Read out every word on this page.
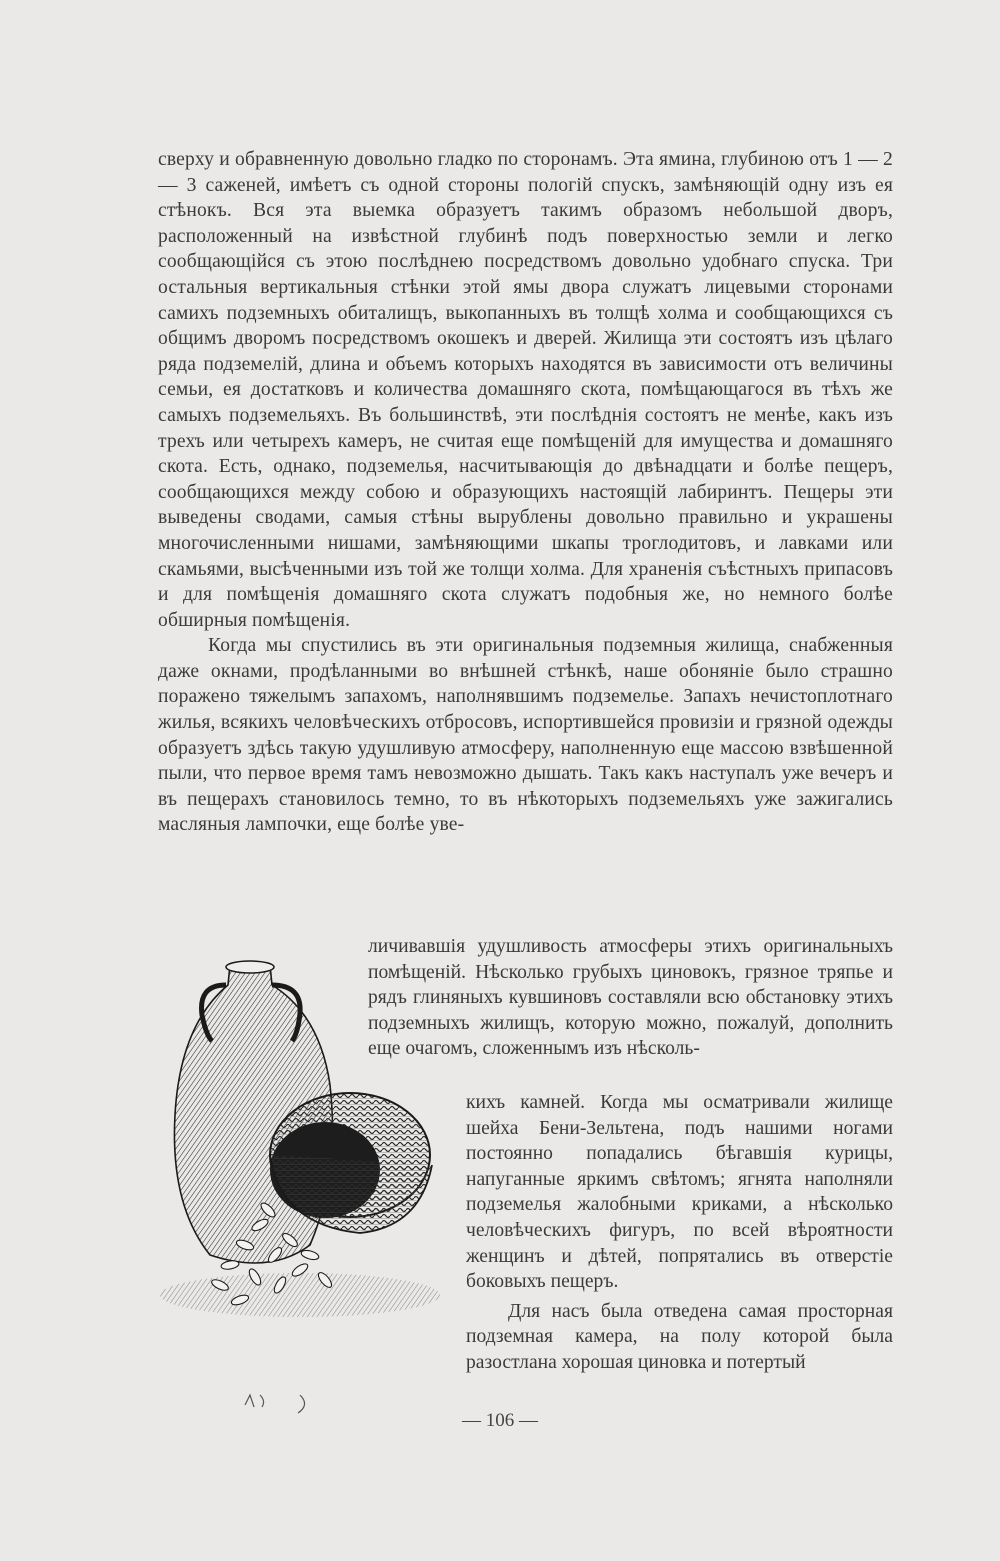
сверху и обравненную довольно гладко по сторонамъ. Эта ямина, глубиною отъ 1 — 2 — 3 саженей, имѣетъ съ одной стороны пологій спускъ, замѣняющій одну изъ ея стѣнокъ. Вся эта выемка образуетъ такимъ образомъ небольшой дворъ, расположенный на извѣстной глубинѣ подъ поверхностью земли и легко сообщающійся съ этою послѣднею посредствомъ довольно удобнаго спуска. Три остальныя вертикальныя стѣнки этой ямы двора служатъ лицевыми сторонами самихъ подземныхъ обиталищъ, выкопанныхъ въ толщѣ холма и сообщающихся съ общимъ дворомъ посредствомъ окошекъ и дверей. Жилища эти состоятъ изъ цѣлаго ряда подземелій, длина и объемъ которыхъ находятся въ зависимости отъ величины семьи, ея достатковъ и количества домашняго скота, помѣщающагося въ тѣхъ же самыхъ подземельяхъ. Въ большинствѣ, эти послѣднія состоятъ не менѣе, какъ изъ трехъ или четырехъ камеръ, не считая еще помѣщеній для имущества и домашняго скота. Есть, однако, подземелья, насчитывающія до двѣнадцати и болѣе пещеръ, сообщающихся между собою и образующихъ настоящій лабиринтъ. Пещеры эти выведены сводами, самыя стѣны вырублены довольно правильно и украшены многочисленными нишами, замѣняющими шкапы троглодитовъ, и лавками или скамьями, высѣченными изъ той же толщи холма. Для храненія съѣстныхъ припасовъ и для помѣщенія домашняго скота служатъ подобныя же, но немного болѣе обширныя помѣщенія.

Когда мы спустились въ эти оригинальныя подземныя жилища, снабженныя даже окнами, продѣланными во внѣшней стѣнкѣ, наше обоняніе было страшно поражено тяжелымъ запахомъ, наполнявшимъ подземелье. Запахъ нечистоплотнаго жилья, всякихъ человѣческихъ отбросовъ, испортившейся провизіи и грязной одежды образуетъ здѣсь такую удушливую атмосферу, наполненную еще массою взвѣшенной пыли, что первое время тамъ невозможно дышать. Такъ какъ наступалъ уже вечеръ и въ пещерахъ становилось темно, то въ нѣкоторыхъ подземельяхъ уже зажигались масляныя лампочки, еще болѣе уве-

личивавшія удушливость атмосферы этихъ оригинальныхъ помѣщеній. Нѣсколько грубыхъ циновокъ, грязное тряпье и рядъ глиняныхъ кувшиновъ составляли всю обстановку этихъ подземныхъ жилищъ, которую можно, пожалуй, дополнить еще очагомъ, сложеннымъ изъ нѣсколь-

кихъ камней. Когда мы осматривали жилище шейха Бени-Зельтена, подъ нашими ногами постоянно попадались бѣгавшія курицы, напуганные яркимъ свѣтомъ; ягнята наполняли подземелья жалобными криками, а нѣсколько человѣческихъ фигуръ, по всей вѣроятности женщинъ и дѣтей, попрятались въ отверстіе боковыхъ пещеръ.

Для насъ была отведена самая просторная подземная камера, на полу которой была разостлана хорошая циновка и потертый

— 106 —
